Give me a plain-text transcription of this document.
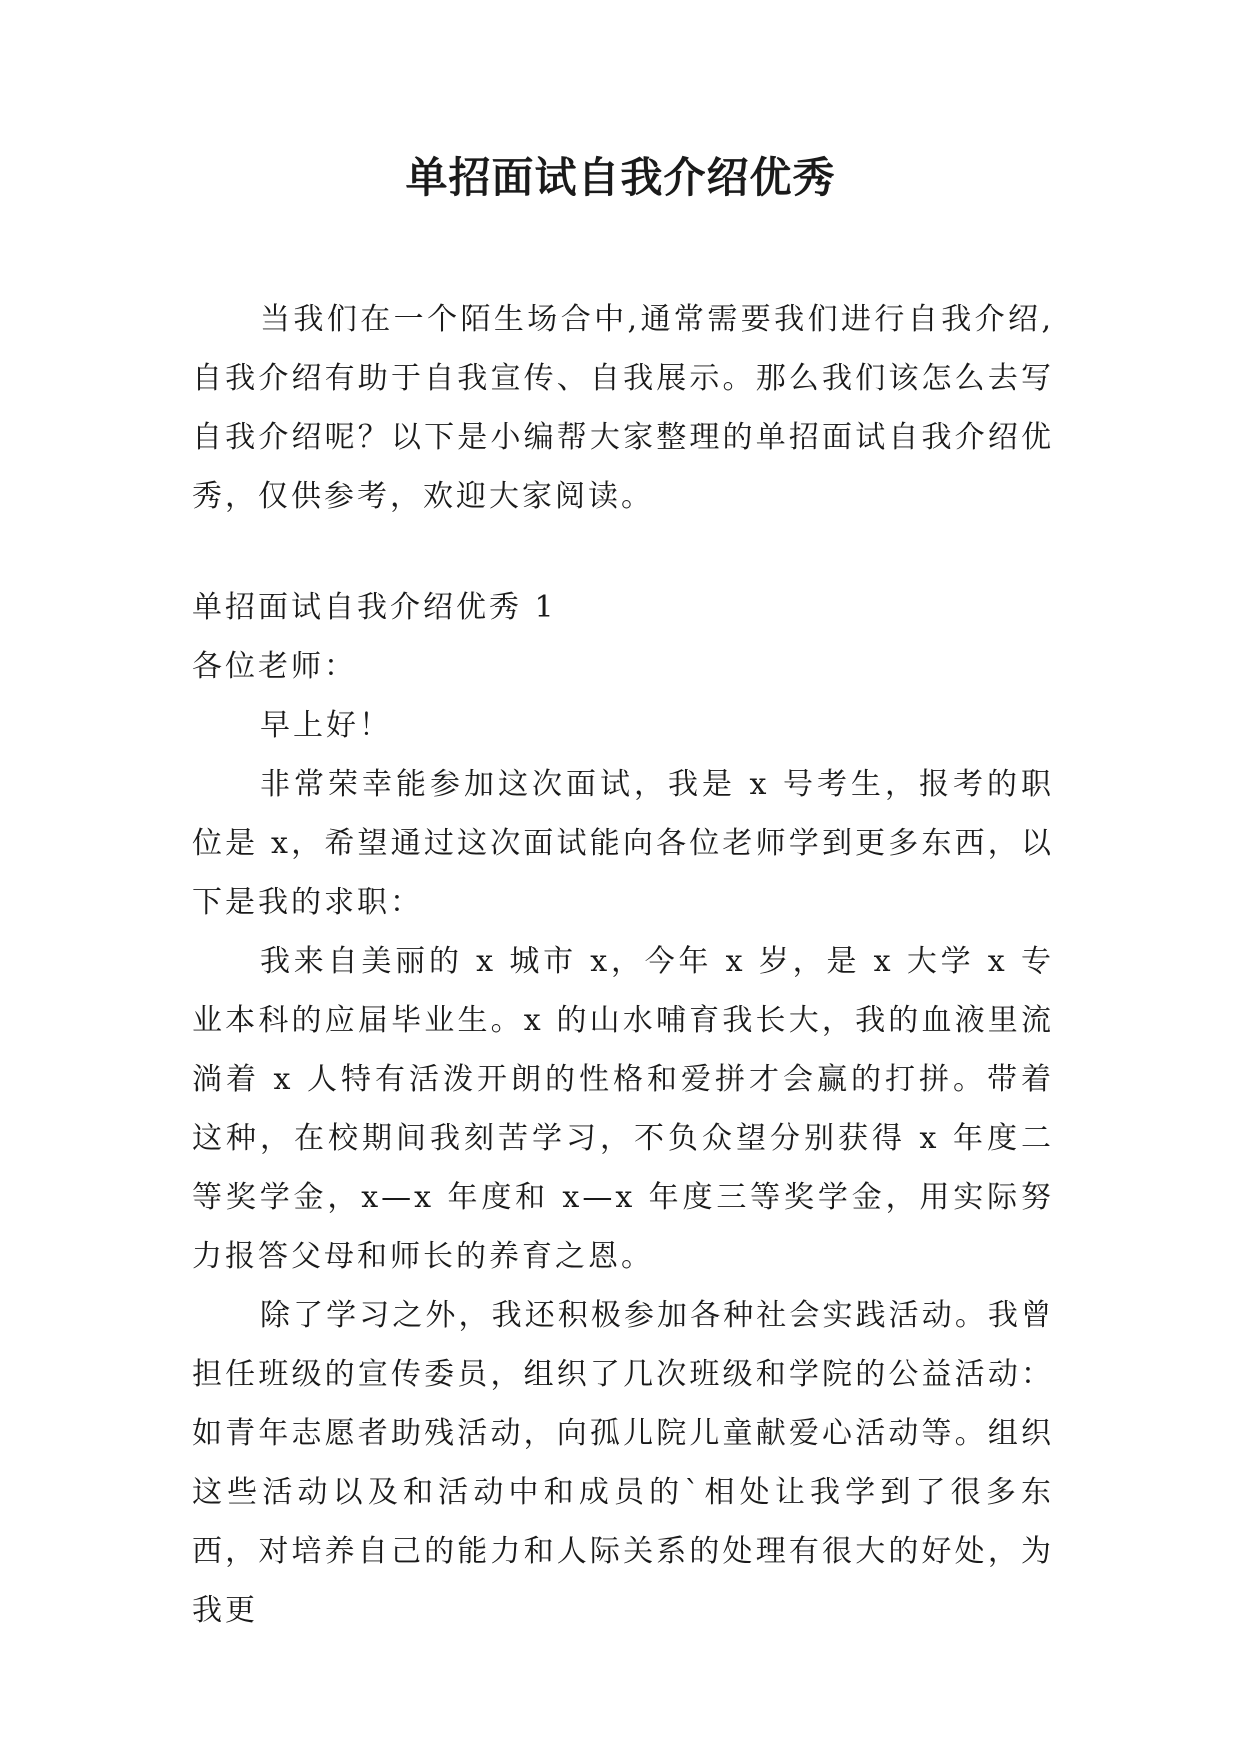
单招面试自我介绍优秀

当我们在一个陌生场合中,通常需要我们进行自我介绍,自我介绍有助于自我宣传、自我展示。那么我们该怎么去写自我介绍呢？以下是小编帮大家整理的单招面试自我介绍优秀，仅供参考，欢迎大家阅读。

单招面试自我介绍优秀 1

各位老师：

早上好！

非常荣幸能参加这次面试，我是 x 号考生，报考的职位是 x，希望通过这次面试能向各位老师学到更多东西，以下是我的求职：

我来自美丽的 x 城市 x，今年 x 岁，是 x 大学 x 专业本科的应届毕业生。x 的山水哺育我长大，我的血液里流淌着 x 人特有活泼开朗的性格和爱拼才会赢的打拼。带着这种，在校期间我刻苦学习，不负众望分别获得 x 年度二等奖学金，x—x 年度和 x—x 年度三等奖学金，用实际努力报答父母和师长的养育之恩。

除了学习之外，我还积极参加各种社会实践活动。我曾担任班级的宣传委员，组织了几次班级和学院的公益活动：如青年志愿者助残活动，向孤儿院儿童献爱心活动等。组织这些活动以及和活动中和成员的`相处让我学到了很多东西，对培养自己的能力和人际关系的处理有很大的好处，为我更
